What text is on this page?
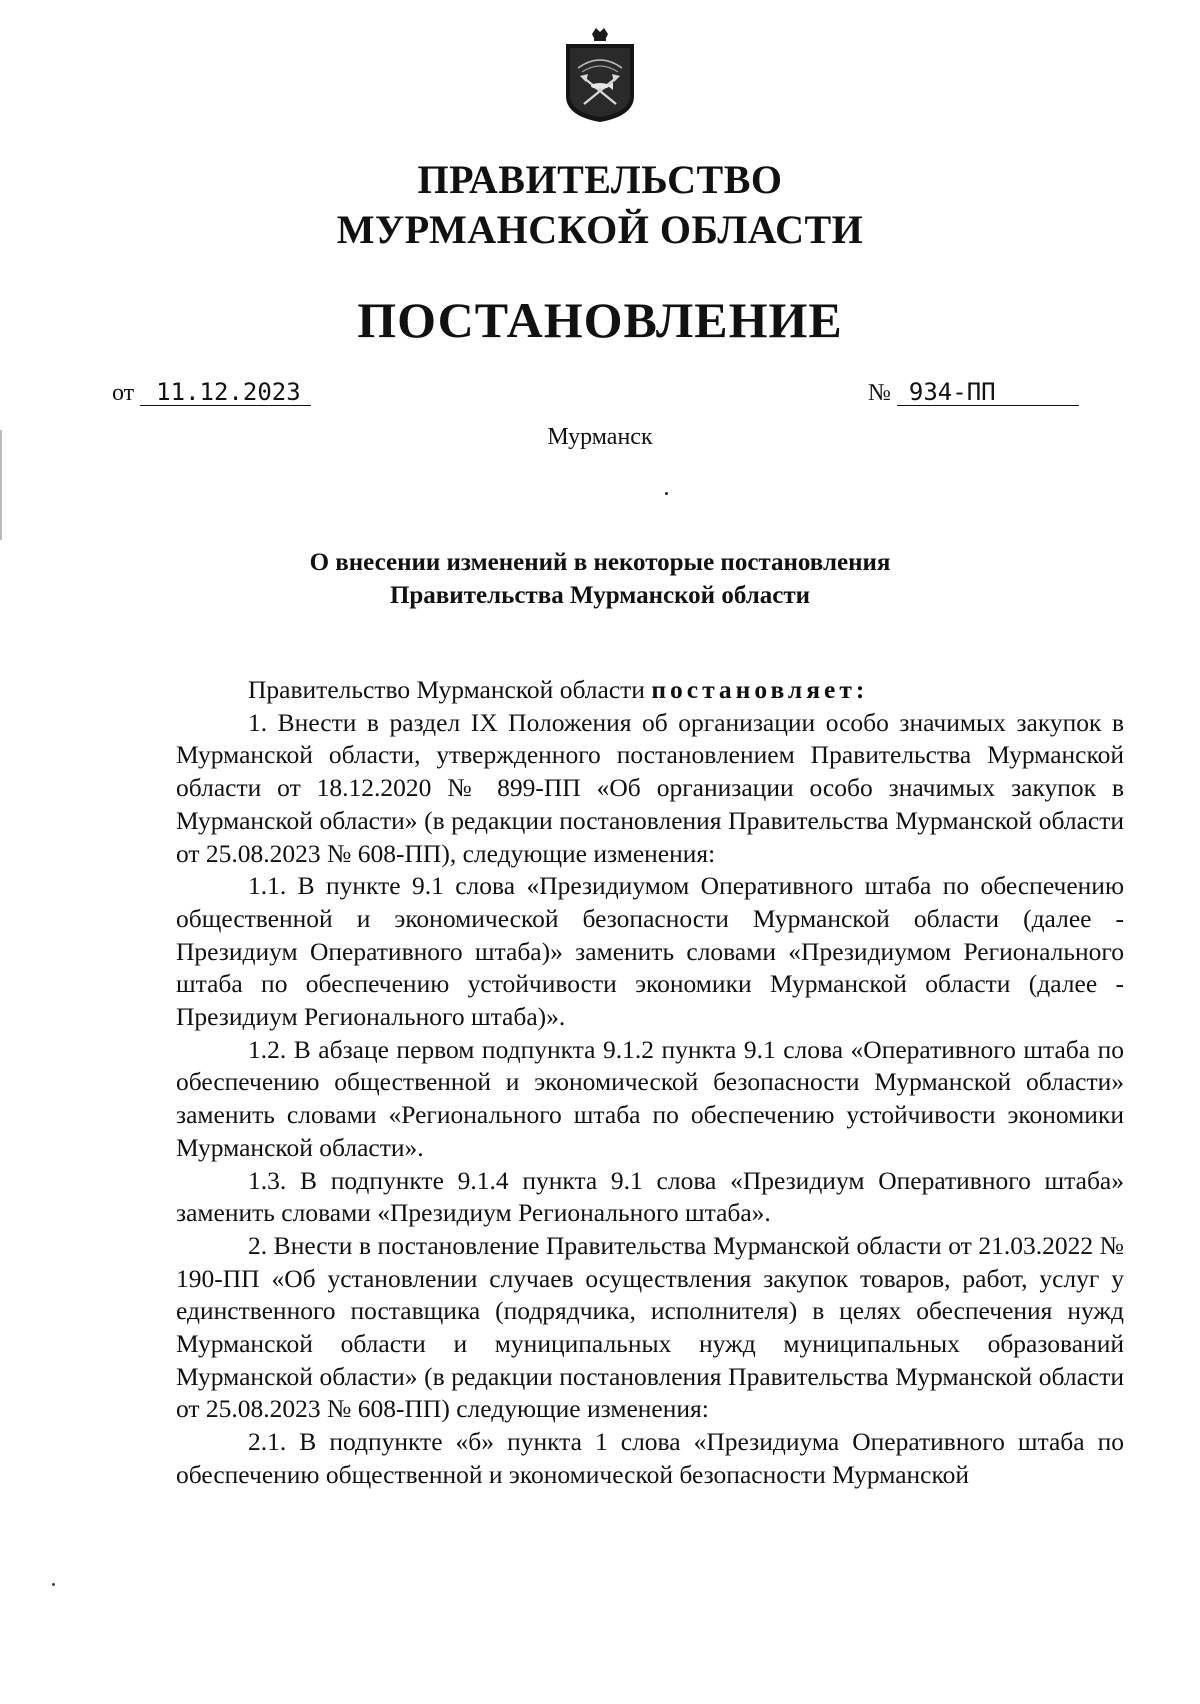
ПРАВИТЕЛЬСТВО
МУРМАНСКОЙ ОБЛАСТИ
ПОСТАНОВЛЕНИЕ
от 11.12.2023	№ 934-ПП
Мурманск
О внесении изменений в некоторые постановления
Правительства Мурманской области

Правительство Мурманской области постановляет:

1. Внести в раздел IX Положения об организации особо значимых закупок в Мурманской области, утвержденного постановлением Правительства Мурманской области от 18.12.2020 № 899-ПП «Об организации особо значимых закупок в Мурманской области» (в редакции постановления Правительства Мурманской области от 25.08.2023 № 608-ПП), следующие изменения:

1.1. В пункте 9.1 слова «Президиумом Оперативного штаба по обеспечению общественной и экономической безопасности Мурманской области (далее - Президиум Оперативного штаба)» заменить словами «Президиумом Регионального штаба по обеспечению устойчивости экономики Мурманской области (далее - Президиум Регионального штаба)».

1.2. В абзаце первом подпункта 9.1.2 пункта 9.1 слова «Оперативного штаба по обеспечению общественной и экономической безопасности Мурманской области» заменить словами «Регионального штаба по обеспечению устойчивости экономики Мурманской области».

1.3. В подпункте 9.1.4 пункта 9.1 слова «Президиум Оперативного штаба» заменить словами «Президиум Регионального штаба».

2. Внести в постановление Правительства Мурманской области от 21.03.2022 № 190-ПП «Об установлении случаев осуществления закупок товаров, работ, услуг у единственного поставщика (подрядчика, исполнителя) в целях обеспечения нужд Мурманской области и муниципальных нужд муниципальных образований Мурманской области» (в редакции постановления Правительства Мурманской области от 25.08.2023 № 608-ПП) следующие изменения:

2.1. В подпункте «б» пункта 1 слова «Президиума Оперативного штаба по обеспечению общественной и экономической безопасности Мурманской
